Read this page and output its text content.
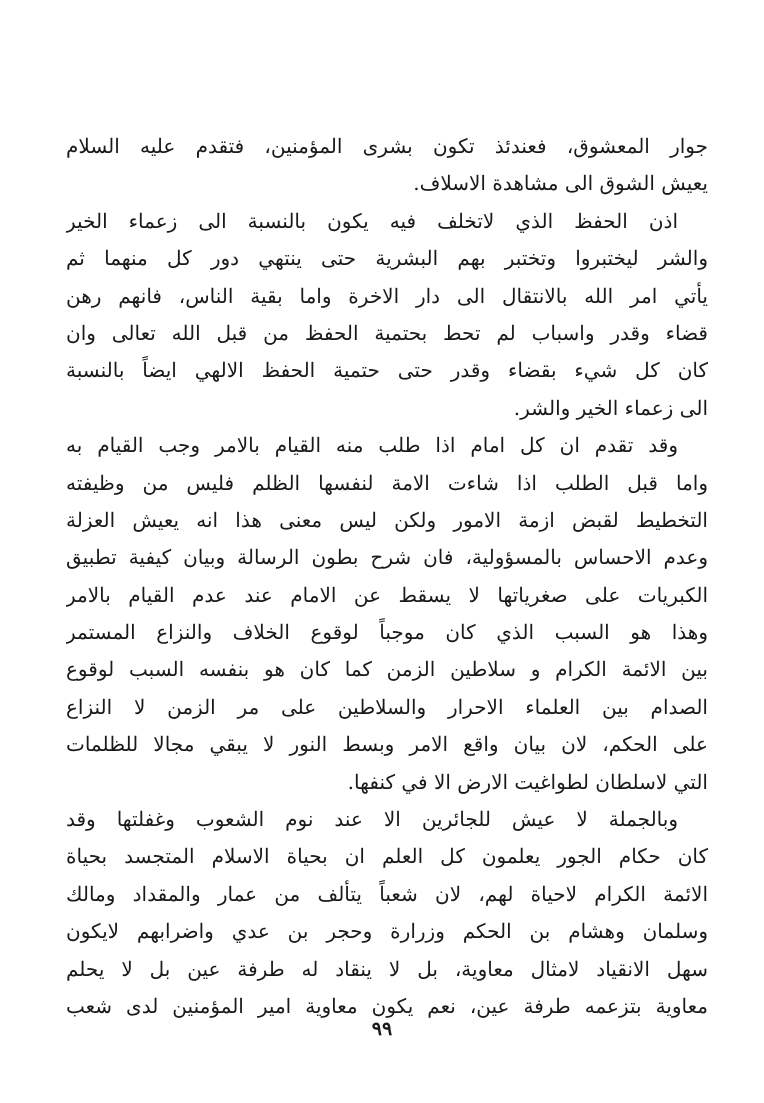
جوار المعشوق، فعندئذ تكون بشرى المؤمنين، فتقدم عليه السلام
يعيش الشوق الى مشاهدة الاسلاف.
اذن الحفظ الذي لاتخلف فيه يكون بالنسبة الى زعماء الخير
والشر ليختبروا وتختبر بهم البشرية حتى ينتهي دور كل منهما ثم
يأتي امر الله بالانتقال الى دار الاخرة واما بقية الناس، فانهم رهن
قضاء وقدر واسباب لم تحط بحتمية الحفظ من قبل الله تعالى وان
كان كل شيء بقضاء وقدر حتى حتمية الحفظ الالهي ايضاً بالنسبة
الى زعماء الخير والشر.
وقد تقدم ان كل امام اذا طلب منه القيام بالامر وجب القيام به
واما قبل الطلب اذا شاءت الامة لنفسها الظلم فليس من وظيفته
التخطيط لقبض ازمة الامور ولكن ليس معنى هذا انه يعيش العزلة
وعدم الاحساس بالمسؤولية، فان شرح بطون الرسالة وبيان كيفية تطبيق
الكبريات على صغرياتها لا يسقط عن الامام عند عدم القيام بالامر
وهذا هو السبب الذي كان موجباً لوقوع الخلاف والنزاع المستمر
بين الائمة الكرام و سلاطين الزمن كما كان هو بنفسه السبب لوقوع
الصدام بين العلماء الاحرار والسلاطين على مر الزمن لا النزاع
على الحكم، لان بيان واقع الامر وبسط النور لا يبقي مجالا للظلمات
التي لاسلطان لطواغيت الارض الا في كنفها.
وبالجملة لا عيش للجائرين الا عند نوم الشعوب وغفلتها وقد
كان حكام الجور يعلمون كل العلم ان بحياة الاسلام المتجسد بحياة
الائمة الكرام لاحياة لهم، لان شعباً يتألف من عمار والمقداد ومالك
وسلمان وهشام بن الحكم وزرارة وحجر بن عدي واضرابهم لايكون
سهل الانقياد لامثال معاوية، بل لا ينقاد له طرفة عين بل لا يحلم
معاوية بتزعمه طرفة عين، نعم يكون معاوية امير المؤمنين لدى شعب
٩٩
